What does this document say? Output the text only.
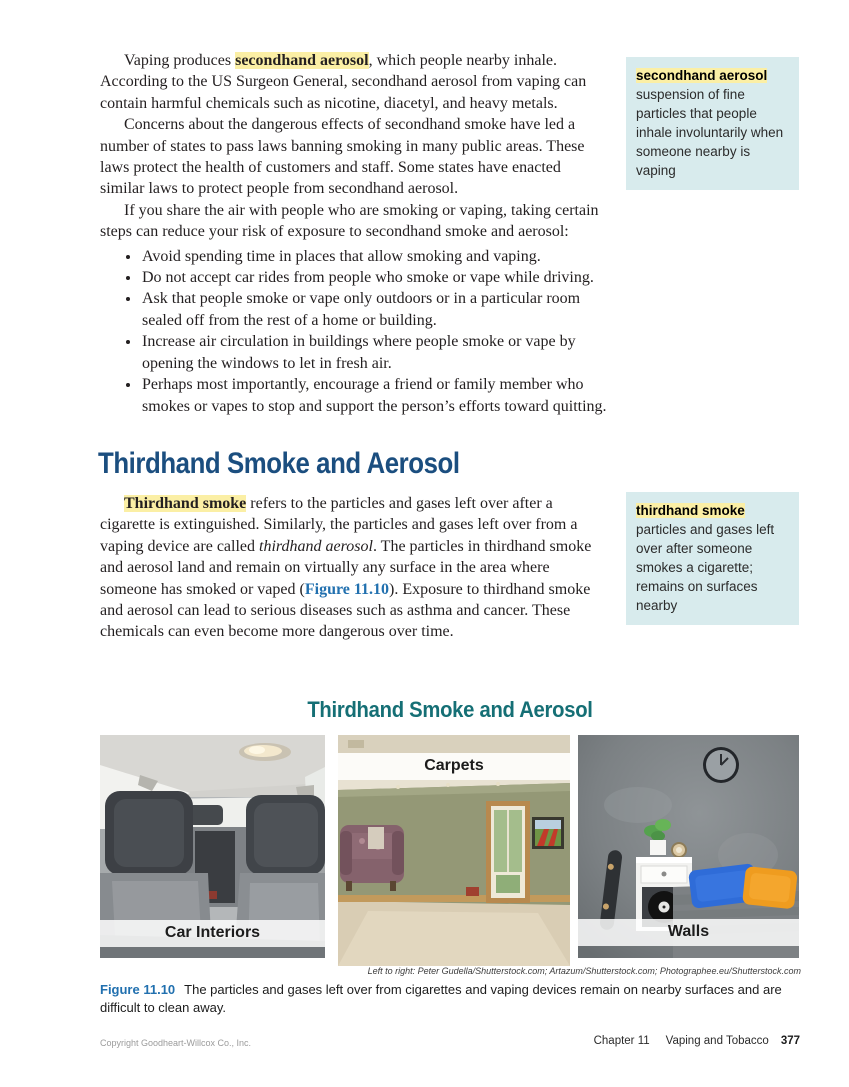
Vaping produces secondhand aerosol, which people nearby inhale. According to the US Surgeon General, secondhand aerosol from vaping can contain harmful chemicals such as nicotine, diacetyl, and heavy metals.

Concerns about the dangerous effects of secondhand smoke have led a number of states to pass laws banning smoking in many public areas. These laws protect the health of customers and staff. Some states have enacted similar laws to protect people from secondhand aerosol.

If you share the air with people who are smoking or vaping, taking certain steps can reduce your risk of exposure to secondhand smoke and aerosol:

• Avoid spending time in places that allow smoking and vaping.
• Do not accept car rides from people who smoke or vape while driving.
• Ask that people smoke or vape only outdoors or in a particular room sealed off from the rest of a home or building.
• Increase air circulation in buildings where people smoke or vape by opening the windows to let in fresh air.
• Perhaps most importantly, encourage a friend or family member who smokes or vapes to stop and support the person’s efforts toward quitting.
Thirdhand Smoke and Aerosol

Thirdhand smoke refers to the particles and gases left over after a cigarette is extinguished. Similarly, the particles and gases left over from a vaping device are called thirdhand aerosol. The particles in thirdhand smoke and aerosol land and remain on virtually any surface in the area where someone has smoked or vaped (Figure 11.10). Exposure to thirdhand smoke and aerosol can lead to serious diseases such as asthma and cancer. These chemicals can even become more dangerous over time.

secondhand aerosol
suspension of fine particles that people inhale involuntarily when someone nearby is vaping
thirdhand smoke
particles and gases left over after someone smokes a cigarette; remains on surfaces nearby
Thirdhand Smoke and Aerosol
Car Interiors
Carpets
Walls
Left to right: Peter Gudella/Shutterstock.com; Artazum/Shutterstock.com; Photographee.eu/Shutterstock.com
Figure 11.10 The particles and gases left over from cigarettes and vaping devices remain on nearby surfaces and are difficult to clean away.
Copyright Goodheart-Willcox Co., Inc.	Chapter 11 Vaping and Tobacco 377
